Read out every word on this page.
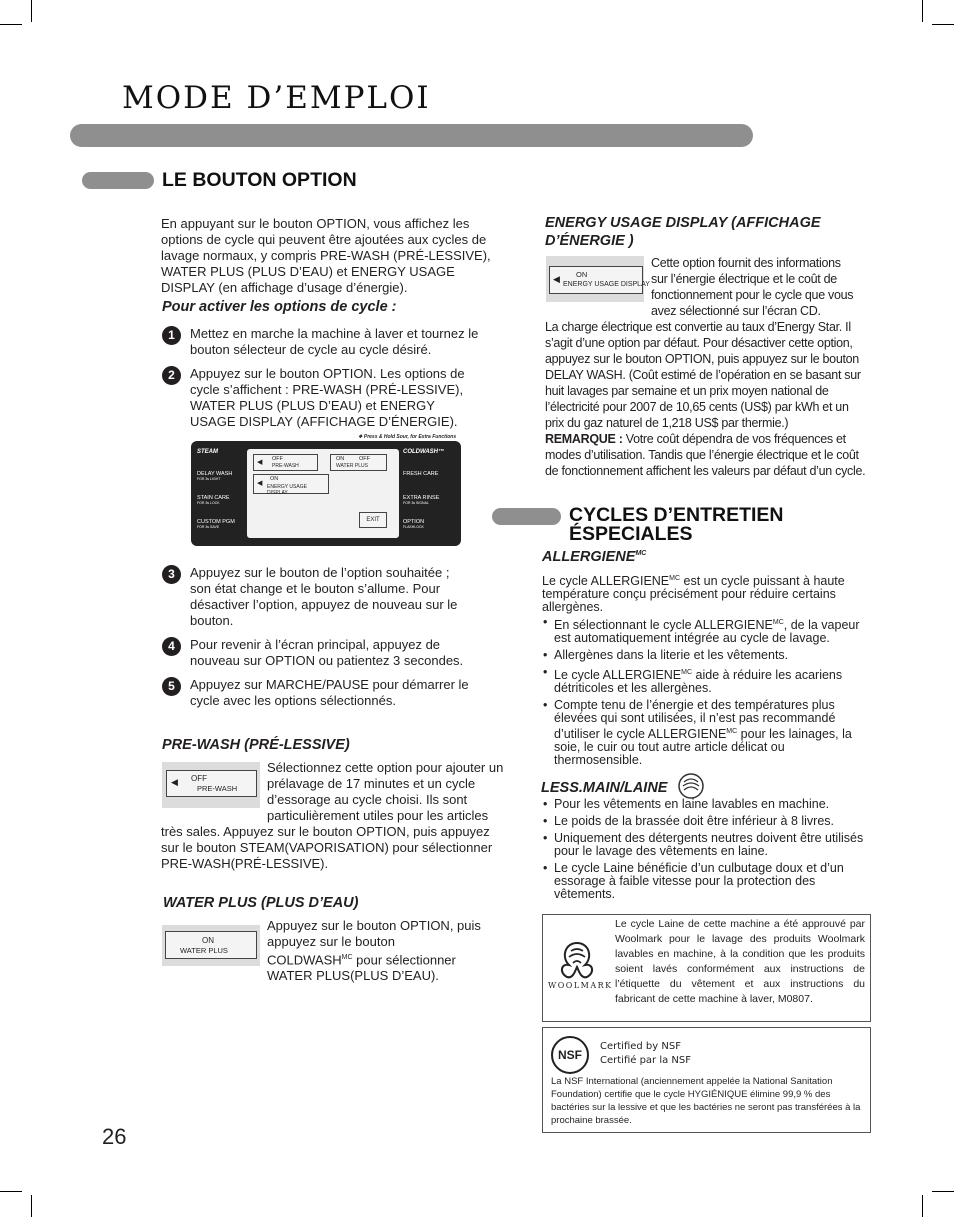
MODE D’EMPLOI
LE BOUTON OPTION
En appuyant sur le bouton OPTION, vous affichez les options de cycle qui peuvent être ajoutées aux cycles de lavage normaux, y compris PRE-WASH (PRÉ-LESSIVE), WATER PLUS (PLUS D’EAU) et ENERGY USAGE DISPLAY (en affichage d’usage d’énergie).
Pour activer les options de cycle :
1	Mettez en marche la machine à laver et tournez le bouton sélecteur de cycle au cycle désiré.
2	Appuyez sur le bouton OPTION. Les options de cycle s’affichent : PRE-WASH (PRÉ-LESSIVE), WATER PLUS (PLUS D’EAU) et ENERGY USAGE DISPLAY (AFFICHAGE D’ÉNERGIE).
❖ Press & Hold Sour, for Extra Functions
STEAM
DELAY WASH
FOR 3s LIGHT
STAIN CARE
FOR 3s LOCK
CUSTOM PGM
FOR 3s SAVE
COLDWASH™
FRESH CARE
EXTRA RINSE
FOR 3s SIGNAL
OPTION
FLASHLOCK
◀ OFF
PRE-WASH
ON	OFF
WATER PLUS
◀
ON
ENERGY USAGE DISPLAY
EXIT
3	Appuyez sur le bouton de l’option souhaitée ; son état change et le bouton s’allume. Pour désactiver l’option, appuyez de nouveau sur le bouton.
4	Pour revenir à l’écran principal, appuyez de nouveau sur OPTION ou patientez 3 secondes.
5	Appuyez sur MARCHE/PAUSE pour démarrer le cycle avec les options sélectionnés.
PRE-WASH (PRÉ-LESSIVE)
◀ OFF
PRE-WASH
Sélectionnez cette option pour ajouter un prélavage de 17 minutes et un cycle d’essorage au cycle choisi. Ils sont particulièrement utiles pour les articles
très sales. Appuyez sur le bouton OPTION, puis appuyez sur le bouton STEAM(VAPORISATION) pour sélectionner PRE-WASH(PRÉ-LESSIVE).
WATER PLUS (PLUS D’EAU)
ON
WATER PLUS
Appuyez sur le bouton OPTION, puis appuyez sur le bouton $COLDWASH^{MC}$ pour sélectionner WATER PLUS(PLUS D’EAU).
ENERGY USAGE DISPLAY (AFFICHAGE D’ÉNERGIE )
◀ ON
ENERGY USAGE DISPLAY
Cette option fournit des informations sur l’énergie électrique et le coût de fonctionnement pour le cycle que vous avez sélectionné sur l’écran CD.
La charge électrique est convertie au taux d’Energy Star. Il s’agit d’une option par défaut. Pour désactiver cette option, appuyez sur le bouton OPTION, puis appuyez sur le bouton DELAY WASH. (Coût estimé de l’opération en se basant sur huit lavages par semaine et un prix moyen national de l’électricité pour 2007 de 10,65 cents (US$) par kWh et un prix du gaz naturel de 1,218 US$ par thermie.)
REMARQUE : Votre coût dépendra de vos fréquences et modes d’utilisation. Tandis que l’énergie électrique et le coût de fonctionnement affichent les valeurs par défaut d’un cycle.
CYCLES D’ENTRETIEN
ÉSPECIALES
$ALLERGIENE^{MC}$
Le cycle $ALLERGIENE^{MC}$ est un cycle puissant à haute température conçu précisément pour réduire certains allergènes.
• En sélectionnant le cycle $ALLERGIENE^{MC}$, de la vapeur est automatiquement intégrée au cycle de lavage.
• Allergènes dans la literie et les vêtements.
• Le cycle $ALLERGIENE^{MC}$ aide à réduire les acariens détriticoles et les allergènes.
• Compte tenu de l’énergie et des températures plus élevées qui sont utilisées, il n’est pas recommandé d’utiliser le cycle $ALLERGIENE^{MC}$ pour les lainages, la soie, le cuir ou tout autre article délicat ou thermosensible.
LESS.MAIN/LAINE
• Pour les vêtements en laine lavables en machine.
• Le poids de la brassée doit être inférieur à 8 livres.
• Uniquement des détergents neutres doivent être utilisés pour le lavage des vêtements en laine.
• Le cycle Laine bénéficie d’un culbutage doux et d’un essorage à faible vitesse pour la protection des vêtements.
WOOLMARK
Le cycle Laine de cette machine a été approuvé par Woolmark pour le lavage des produits Woolmark lavables en machine, à la condition que les produits soient lavés conformément aux instructions de l’étiquette du vêtement et aux instructions du fabricant de cette machine à laver, M0807.
NSF
Certified by NSF
Certifié par la NSF
La NSF International (anciennement appelée la National Sanitation Foundation) certifie que le cycle HYGIÉNIQUE élimine 99,9 % des bactéries sur la lessive et que les bactéries ne seront pas transférées à la prochaine brassée.
26
